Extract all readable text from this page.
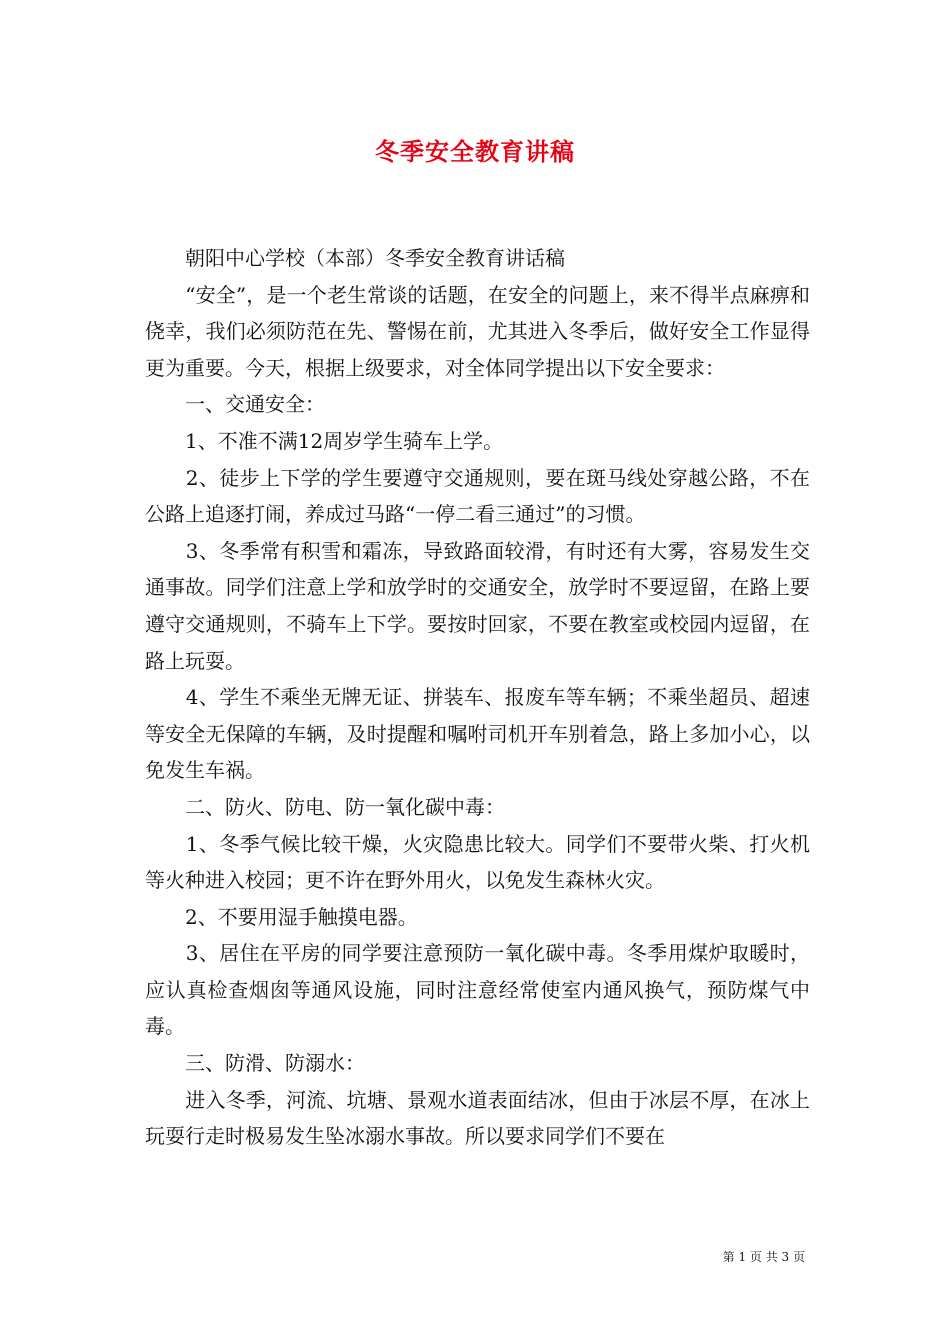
冬季安全教育讲稿

　　朝阳中心学校（本部）冬季安全教育讲话稿

　　“安全”，是一个老生常谈的话题，在安全的问题上，来不得半点麻痹和侥幸，我们必须防范在先、警惕在前，尤其进入冬季后，做好安全工作显得更为重要。今天，根据上级要求，对全体同学提出以下安全要求：

　　一、交通安全：

　　1、不准不满12周岁学生骑车上学。

　　2、徒步上下学的学生要遵守交通规则，要在斑马线处穿越公路，不在公路上追逐打闹，养成过马路“一停二看三通过”的习惯。

　　3、冬季常有积雪和霜冻，导致路面较滑，有时还有大雾，容易发生交通事故。同学们注意上学和放学时的交通安全，放学时不要逗留，在路上要遵守交通规则，不骑车上下学。要按时回家，不要在教室或校园内逗留，在路上玩耍。

　　4、学生不乘坐无牌无证、拼装车、报废车等车辆；不乘坐超员、超速等安全无保障的车辆，及时提醒和嘱咐司机开车别着急，路上多加小心，以免发生车祸。

　　二、防火、防电、防一氧化碳中毒：

　　1、冬季气候比较干燥，火灾隐患比较大。同学们不要带火柴、打火机等火种进入校园；更不许在野外用火，以免发生森林火灾。

　　2、不要用湿手触摸电器。

　　3、居住在平房的同学要注意预防一氧化碳中毒。冬季用煤炉取暖时，应认真检查烟囱等通风设施，同时注意经常使室内通风换气，预防煤气中毒。

　　三、防滑、防溺水：

　　进入冬季，河流、坑塘、景观水道表面结冰，但由于冰层不厚，在冰上玩耍行走时极易发生坠冰溺水事故。所以要求同学们不要在

第 1 页 共 3 页
